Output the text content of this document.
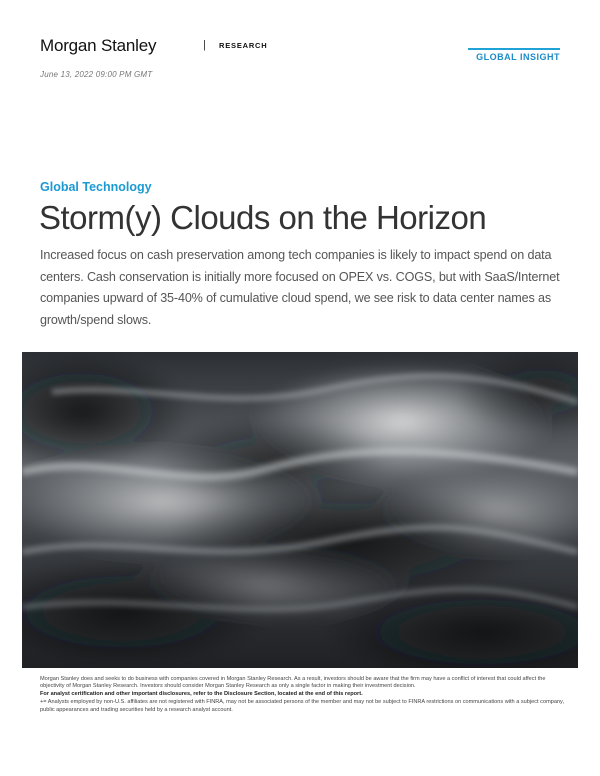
Morgan Stanley	| RESEARCH
GLOBAL INSIGHT
June 13, 2022 09:00 PM GMT
Global Technology
Storm(y) Clouds on the Horizon

Increased focus on cash preservation among tech companies is likely to impact spend on data centers. Cash conservation is initially more focused on OPEX vs. COGS, but with SaaS/Internet companies upward of 35-40% of cumulative cloud spend, we see risk to data center names as growth/spend slows.

Morgan Stanley does and seeks to do business with companies covered in Morgan Stanley Research. As a result, investors should be aware that the firm may have a conflict of interest that could affect the objectivity of Morgan Stanley Research. Investors should consider Morgan Stanley Research as only a single factor in making their investment decision.

For analyst certification and other important disclosures, refer to the Disclosure Section, located at the end of this report.

+= Analysts employed by non-U.S. affiliates are not registered with FINRA, may not be associated persons of the member and may not be subject to FINRA restrictions on communications with a subject company, public appearances and trading securities held by a research analyst account.
